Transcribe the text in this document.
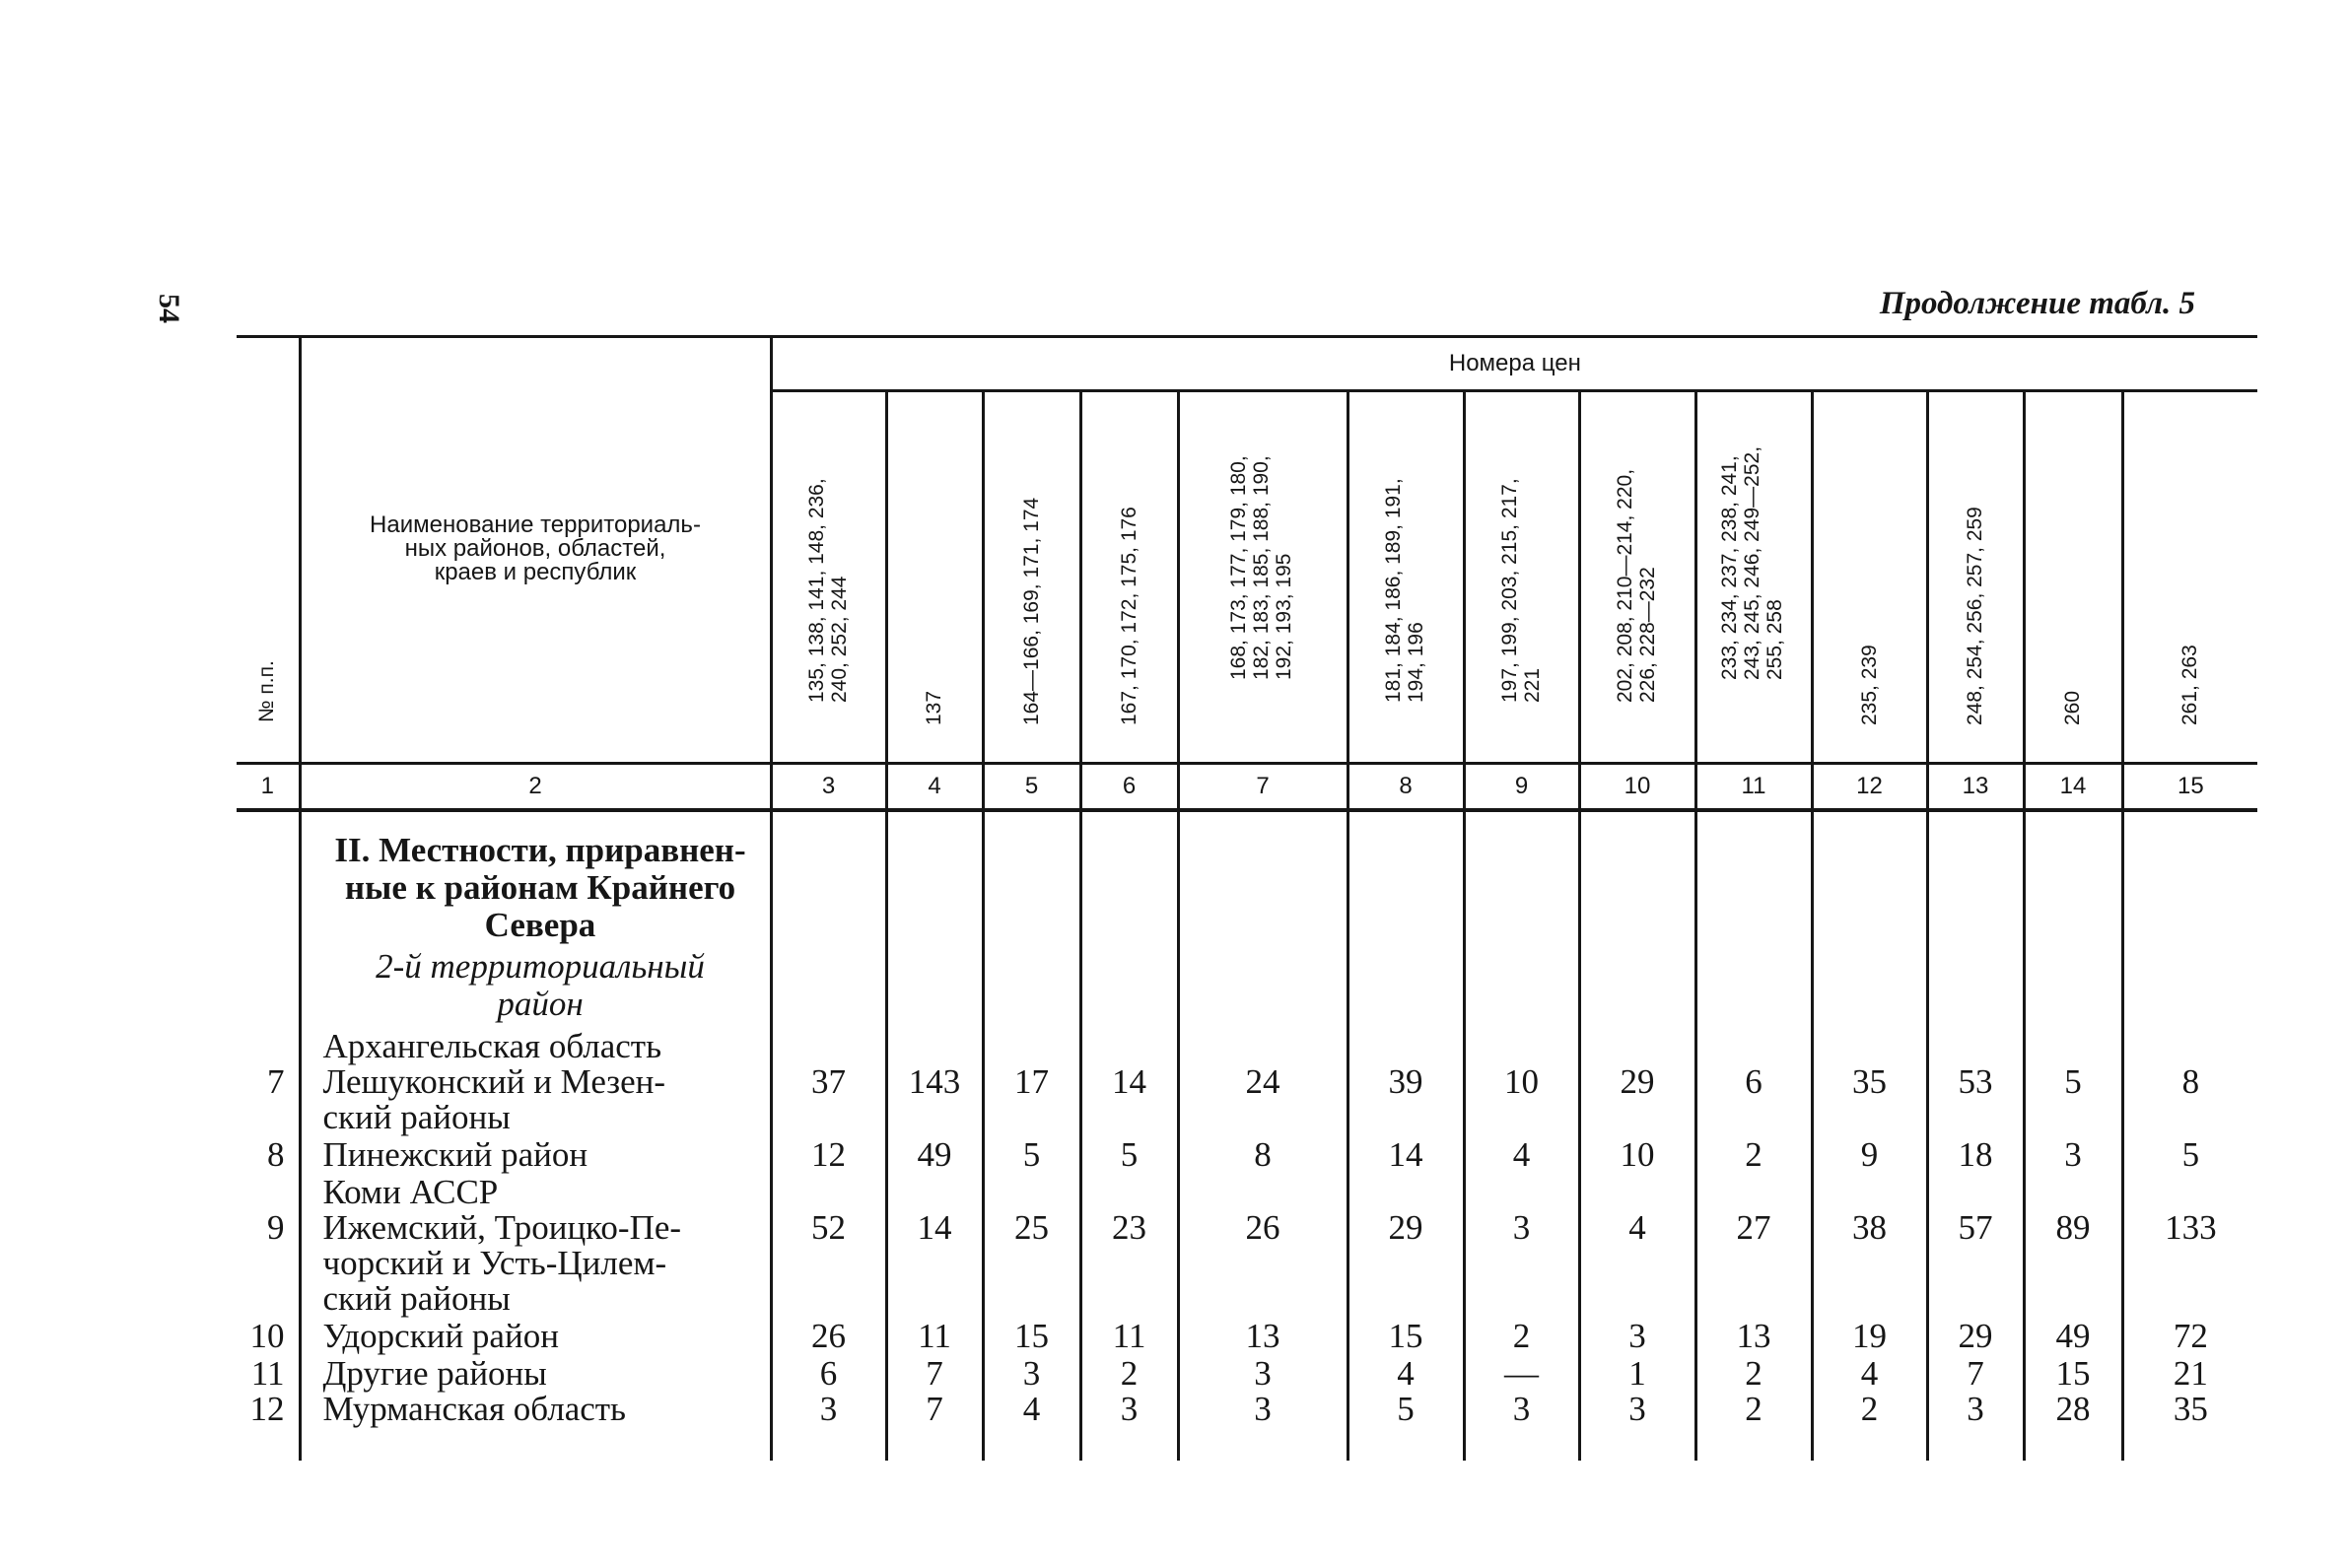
54	Продолжение табл. 5
№ п.п.	Наименование территориаль-
ных районов, областей,
краев и республик	Номера цен												

		135, 138, 141, 148, 236,
240, 252, 244	137	164—166, 169, 171, 174	167, 170, 172, 175, 176	168, 173, 177, 179, 180,
182, 183, 185, 188, 190,
192, 193, 195	181, 184, 186, 189, 191,
194, 196	197, 199, 203, 215, 217,
221	202, 208, 210—214, 220,
226, 228—232	233, 234, 237, 238, 241,
243, 245, 246, 249—252,
255, 258	235, 239	248, 254, 256, 257, 259	260	261, 263

1	2	3	4	5	6	7	8	9	10	11	12	13	14	15

	II. Местности, приравнен-
ные к районам Крайнего
Севера
2-й территориальный
район													

	Архангельская область													

7	Лешуконский и Мезен-
ский районы	37	143	17	14	24	39	10	29	6	35	53	5	8
8	Пинежский район	12	49	5	5	8	14	4	10	2	9	18	3	5

	Коми АССР													

9	Ижемский, Троицко-Пе-
чорский и Усть-Цилем-
ский районы	52	14	25	23	26	29	3	4	27	38	57	89	133
10	Удорский район	26	11	15	11	13	15	2	3	13	19	29	49	72
11	Другие районы	6	7	3	2	3	4	—	1	2	4	7	15	21
12	Мурманская область	3	7	4	3	3	5	3	3	2	2	3	28	35
